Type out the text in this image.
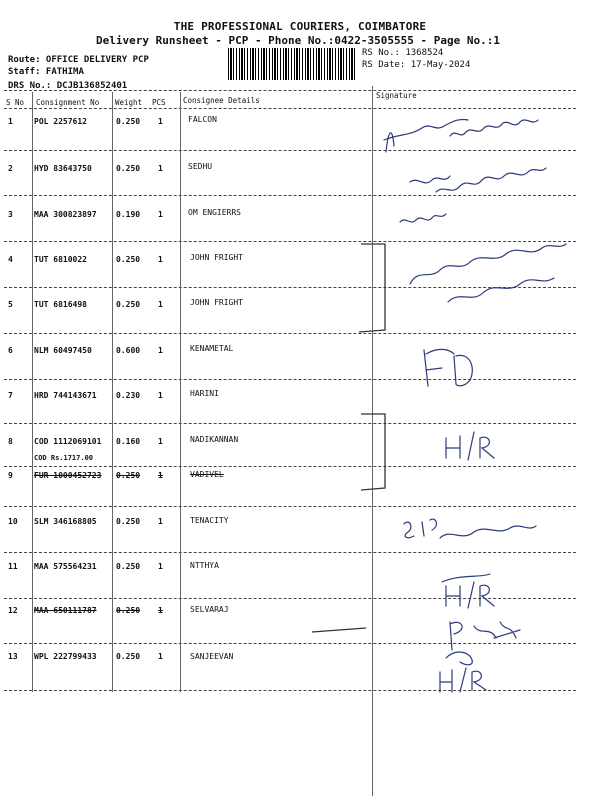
THE PROFESSIONAL COURIERS, COIMBATORE
Delivery Runsheet - PCP - Phone No.:0422-3505555 - Page No.:1
Route: OFFICE DELIVERY PCP
Staff: FATHIMA
DRS No.: DCJB136852401
RS No.: 1368524
RS Date: 17-May-2024
S No Consignment No Weight PCS Consignee Details
Signature
1	POL 2257612	0.250 1	FALCON
2	HYD 83643750	0.250 1	SEDHU
3	MAA 300823897 0.190 1	OM ENGIERRS
4	TUT 6810022	0.250 1	JOHN FRIGHT
5	TUT 6816498	0.250 1	JOHN FRIGHT
6	NLM 60497450	0.600 1	KENAMETAL
7	HRD 744143671 0.230 1	HARINI
8	COD 1112069101 0.160 1	NADIKANNAN
COD Rs.1717.00
9	FUR 1000452723 0.250 1	VADIVEL
10 SLM 346168805 0.250 1	TENACITY
11 MAA 575564231 0.250 1	NTTHYA
12 MAA 650111787 0.250 1	SELVARAJ
13 WPL 222799433 0.250 1	SANJEEVAN
